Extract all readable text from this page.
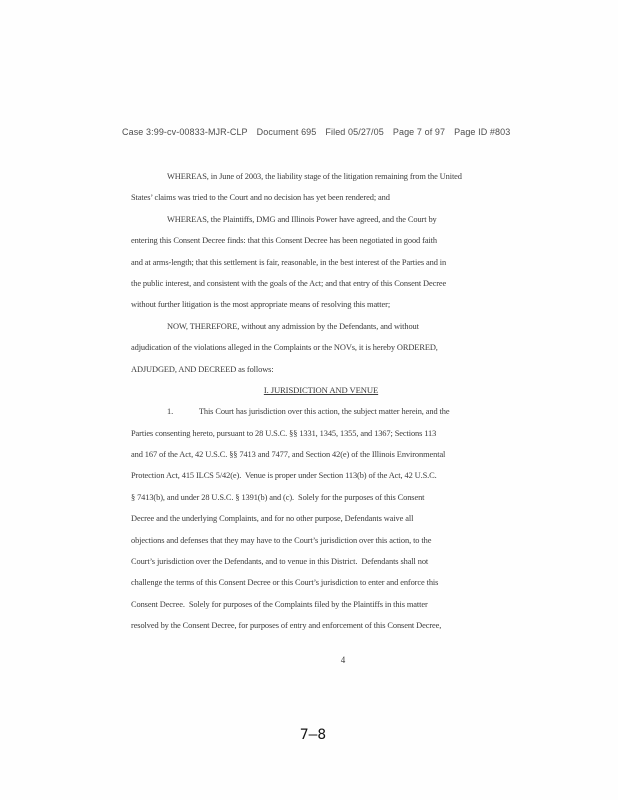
Case 3:99-cv-00833-MJR-CLP Document 695 Filed 05/27/05 Page 7 of 97 Page ID #803
WHEREAS, in June of 2003, the liability stage of the litigation remaining from the United
States’ claims was tried to the Court and no decision has yet been rendered; and
WHEREAS, the Plaintiffs, DMG and Illinois Power have agreed, and the Court by
entering this Consent Decree finds: that this Consent Decree has been negotiated in good faith
and at arms-length; that this settlement is fair, reasonable, in the best interest of the Parties and in
the public interest, and consistent with the goals of the Act; and that entry of this Consent Decree
without further litigation is the most appropriate means of resolving this matter;
NOW, THEREFORE, without any admission by the Defendants, and without
adjudication of the violations alleged in the Complaints or the NOVs, it is hereby ORDERED,
ADJUDGED, AND DECREED as follows:
I. JURISDICTION AND VENUE
1.             This Court has jurisdiction over this action, the subject matter herein, and the
Parties consenting hereto, pursuant to 28 U.S.C. §§ 1331, 1345, 1355, and 1367; Sections 113
and 167 of the Act, 42 U.S.C. §§ 7413 and 7477, and Section 42(e) of the Illinois Environmental
Protection Act, 415 ILCS 5/42(e).  Venue is proper under Section 113(b) of the Act, 42 U.S.C.
§ 7413(b), and under 28 U.S.C. § 1391(b) and (c).  Solely for the purposes of this Consent
Decree and the underlying Complaints, and for no other purpose, Defendants waive all
objections and defenses that they may have to the Court’s jurisdiction over this action, to the
Court’s jurisdiction over the Defendants, and to venue in this District.  Defendants shall not
challenge the terms of this Consent Decree or this Court’s jurisdiction to enter and enforce this
Consent Decree.  Solely for purposes of the Complaints filed by the Plaintiffs in this matter
resolved by the Consent Decree, for purposes of entry and enforcement of this Consent Decree,
4
7–8
